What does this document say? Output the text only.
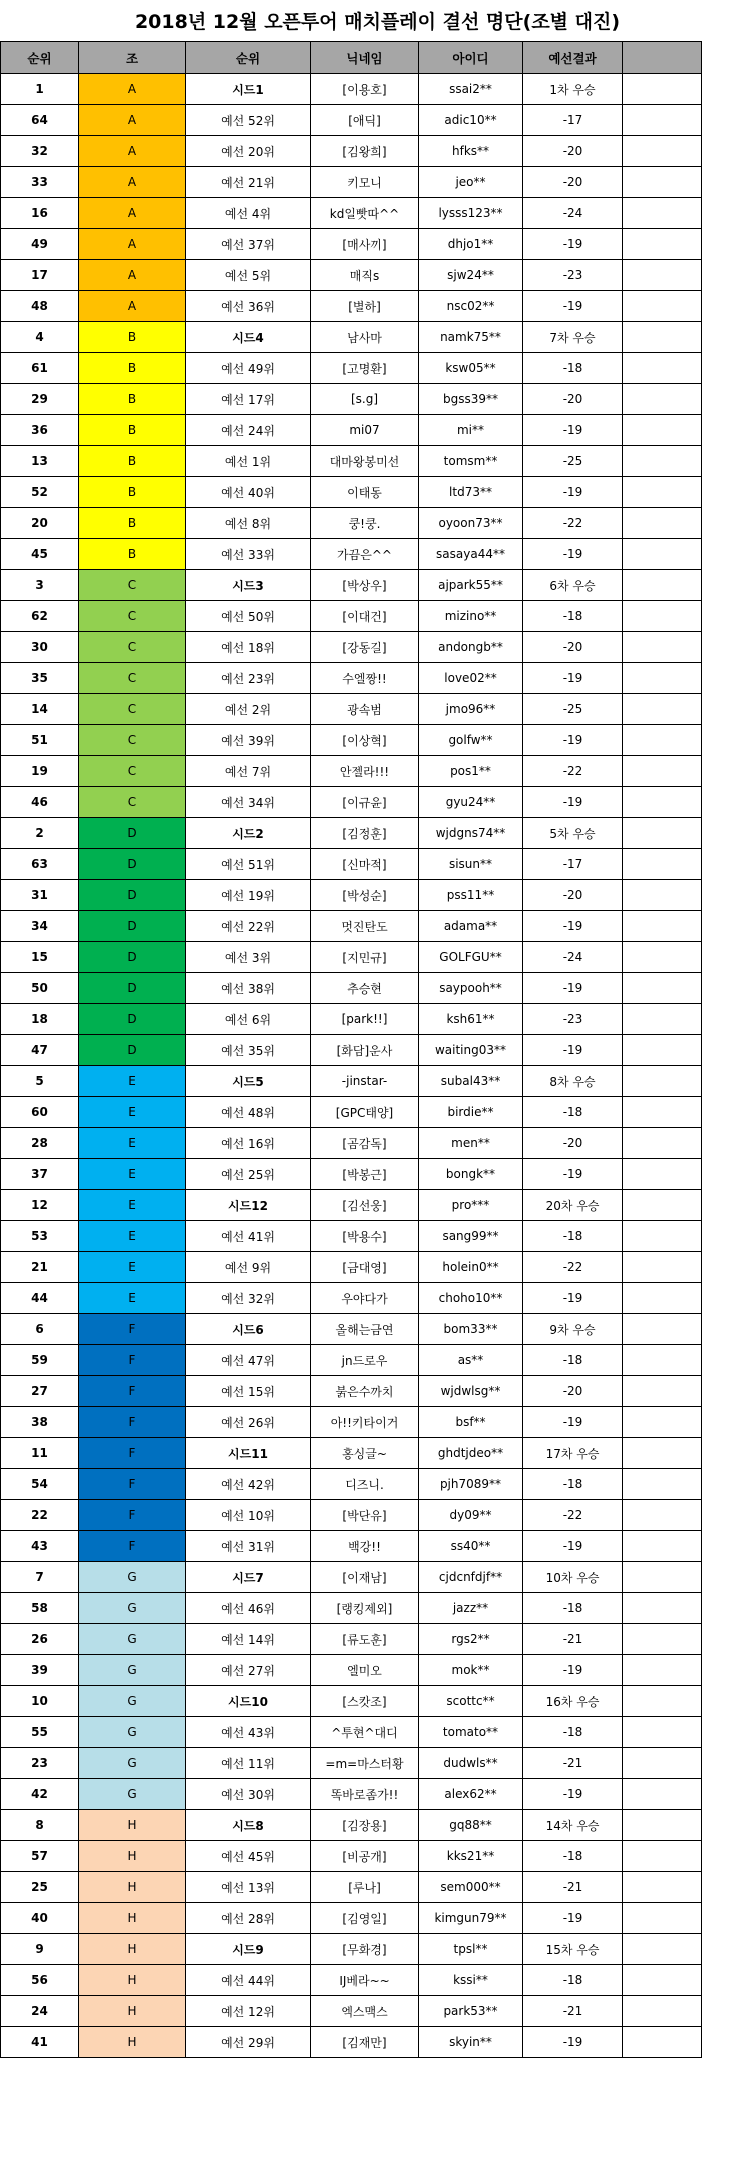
2018년 12월 오픈투어 매치플레이 결선 명단(조별 대진)
순위	조	순위	닉네임	아이디	예선결과	
1	A	시드1	[이용호]	ssai2**	1차 우승	
64	A	예선 52위	[애딕]	adic10**	-17	
32	A	예선 20위	[김왕희]	hfks**	-20	
33	A	예선 21위	키모니	jeo**	-20	
16	A	예선 4위	kd일빳따^^	lysss123**	-24	
49	A	예선 37위	[매사끼]	dhjo1**	-19	
17	A	예선 5위	매직s	sjw24**	-23	
48	A	예선 36위	[별하]	nsc02**	-19	
4	B	시드4	남사마	namk75**	7차 우승	
61	B	예선 49위	[고명환]	ksw05**	-18	
29	B	예선 17위	[s.g]	bgss39**	-20	
36	B	예선 24위	mi07	mi**	-19	
13	B	예선 1위	대마왕봉미선	tomsm**	-25	
52	B	예선 40위	이태동	ltd73**	-19	
20	B	예선 8위	쿵!쿵.	oyoon73**	-22	
45	B	예선 33위	가끔은^^	sasaya44**	-19	
3	C	시드3	[박상우]	ajpark55**	6차 우승	
62	C	예선 50위	[이대건]	mizino**	-18	
30	C	예선 18위	[강동길]	andongb**	-20	
35	C	예선 23위	수엘짱!!	love02**	-19	
14	C	예선 2위	광속범	jmo96**	-25	
51	C	예선 39위	[이상혁]	golfw**	-19	
19	C	예선 7위	안젤라!!!	pos1**	-22	
46	C	예선 34위	[이규윤]	gyu24**	-19	
2	D	시드2	[김정훈]	wjdgns74**	5차 우승	
63	D	예선 51위	[신마적]	sisun**	-17	
31	D	예선 19위	[박성순]	pss11**	-20	
34	D	예선 22위	멋진탄도	adama**	-19	
15	D	예선 3위	[지민규]	GOLFGU**	-24	
50	D	예선 38위	추승현	saypooh**	-19	
18	D	예선 6위	[park!!]	ksh61**	-23	
47	D	예선 35위	[화담]운사	waiting03**	-19	
5	E	시드5	-jinstar-	subal43**	8차 우승	
60	E	예선 48위	[GPC태양]	birdie**	-18	
28	E	예선 16위	[곰감독]	men**	-20	
37	E	예선 25위	[박봉근]	bongk**	-19	
12	E	시드12	[김선웅]	pro***	20차 우승	
53	E	예선 41위	[박용수]	sang99**	-18	
21	E	예선 9위	[금대영]	holein0**	-22	
44	E	예선 32위	우야다가	choho10**	-19	
6	F	시드6	올해는금연	bom33**	9차 우승	
59	F	예선 47위	jn드로우	as**	-18	
27	F	예선 15위	붉은수까치	wjdwlsg**	-20	
38	F	예선 26위	아!!키타이거	bsf**	-19	
11	F	시드11	홍싱글~	ghdtjdeo**	17차 우승	
54	F	예선 42위	디즈니.	pjh7089**	-18	
22	F	예선 10위	[박단유]	dy09**	-22	
43	F	예선 31위	백강!!	ss40**	-19	
7	G	시드7	[이재남]	cjdcnfdjf**	10차 우승	
58	G	예선 46위	[랭킹제외]	jazz**	-18	
26	G	예선 14위	[류도훈]	rgs2**	-21	
39	G	예선 27위	엘미오	mok**	-19	
10	G	시드10	[스캇조]	scottc**	16차 우승	
55	G	예선 43위	^투현^대디	tomato**	-18	
23	G	예선 11위	=m=마스터황	dudwls**	-21	
42	G	예선 30위	똑바로좀가!!	alex62**	-19	
8	H	시드8	[김장용]	gq88**	14차 우승	
57	H	예선 45위	[비공개]	kks21**	-18	
25	H	예선 13위	[루나]	sem000**	-21	
40	H	예선 28위	[김영일]	kimgun79**	-19	
9	H	시드9	[무화경]	tpsl**	15차 우승	
56	H	예선 44위	IJ베라~~	kssi**	-18	
24	H	예선 12위	엑스맥스	park53**	-21	
41	H	예선 29위	[김재만]	skyin**	-19	
